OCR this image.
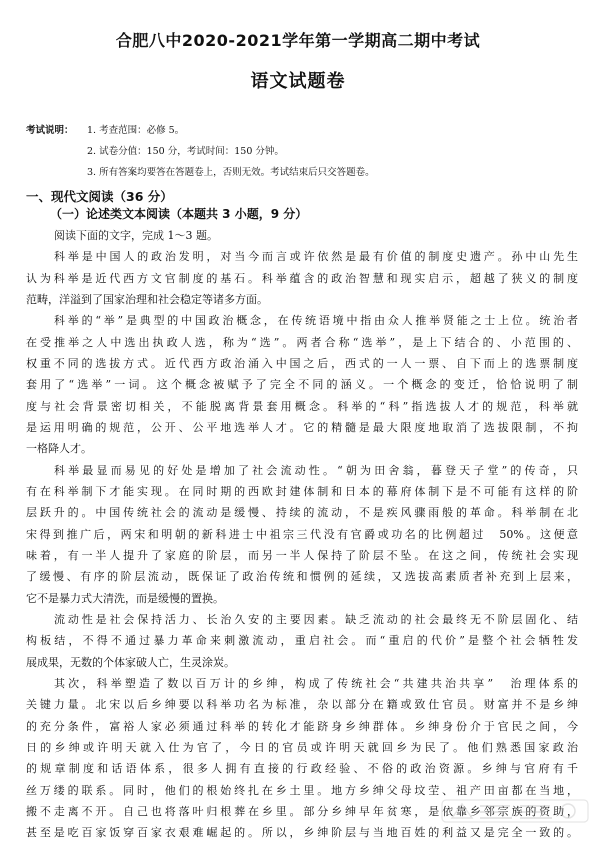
合肥八中2020-2021学年第一学期高二期中考试
语文试题卷
考试说明： 1. 考查范围：必修 5。
2. 试卷分值：150 分，考试时间：150 分钟。
3. 所有答案均要答在答题卷上，否则无效。考试结束后只交答题卷。
一、现代文阅读（36 分）
（一）论述类文本阅读（本题共 3 小题，9 分）
阅读下面的文字，完成 1～3 题。
科举是中国人的政治发明，对当今而言或许依然是最有价值的制度史遗产。孙中山先生
认为科举是近代西方文官制度的基石。科举蕴含的政治智慧和现实启示，超越了狭义的制度
范畴，洋溢到了国家治理和社会稳定等诸多方面。
科举的“举”是典型的中国政治概念，在传统语境中指由众人推举贤能之士上位。统治者
在受推举之人中选出执政人选，称为“选”。两者合称“选举”，是上下结合的、小范围的、
权重不同的选拔方式。近代西方政治涌入中国之后，西式的一人一票、自下而上的选票制度
套用了“选举”一词。这个概念被赋予了完全不同的涵义。一个概念的变迁，恰恰说明了制
度与社会背景密切相关，不能脱离背景套用概念。科举的“科”指选拔人才的规范，科举就
是运用明确的规范，公开、公平地选举人才。它的精髓是最大限度地取消了选拔限制，不拘
一格降人才。
科举最显而易见的好处是增加了社会流动性。“朝为田舍翁，暮登天子堂”的传奇，只
有在科举制下才能实现。在同时期的西欧封建体制和日本的幕府体制下是不可能有这样的阶
层跃升的。中国传统社会的流动是缓慢、持续的流动，不是疾风骤雨般的革命。科举制在北
宋得到推广后，两宋和明朝的新科进士中祖宗三代没有官爵或功名的比例超过　50%。这便意
味着，有一半人提升了家庭的阶层，而另一半人保持了阶层不坠。在这之间，传统社会实现
了缓慢、有序的阶层流动，既保证了政治传统和惯例的延续，又选拔高素质者补充到上层来，
它不是暴力式大清洗，而是缓慢的置换。
流动性是社会保持活力、长治久安的主要因素。缺乏流动的社会最终无不阶层固化、结
构板结，不得不通过暴力革命来刺激流动，重启社会。而“重启的代价”是整个社会牺牲发
展成果，无数的个体家破人亡，生灵涂炭。
其次，科举塑造了数以百万计的乡绅，构成了传统社会“共建共治共享”　治理体系的
关键力量。北宋以后乡绅要以科举功名为标准，杂以部分在籍或致仕官员。财富并不是乡绅
的充分条件，富裕人家必须通过科举的转化才能跻身乡绅群体。乡绅身份介于官民之间，今
日的乡绅或许明天就入仕为官了，今日的官员或许明天就回乡为民了。他们熟悉国家政治
的规章制度和话语体系，很多人拥有直接的行政经验、不俗的政治资源。乡绅与官府有千
丝万缕的联系。同时，他们的根始终扎在乡土里。地方乡绅父母坟茔、祖产田亩都在当地，
搬不走离不开。自己也将落叶归根葬在乡里。部分乡绅早年贫寒，是依靠乡邻宗族的资助，
甚至是吃百家饭穿百家衣艰难崛起的。所以，乡绅阶层与当地百姓的利益又是完全一致的。
